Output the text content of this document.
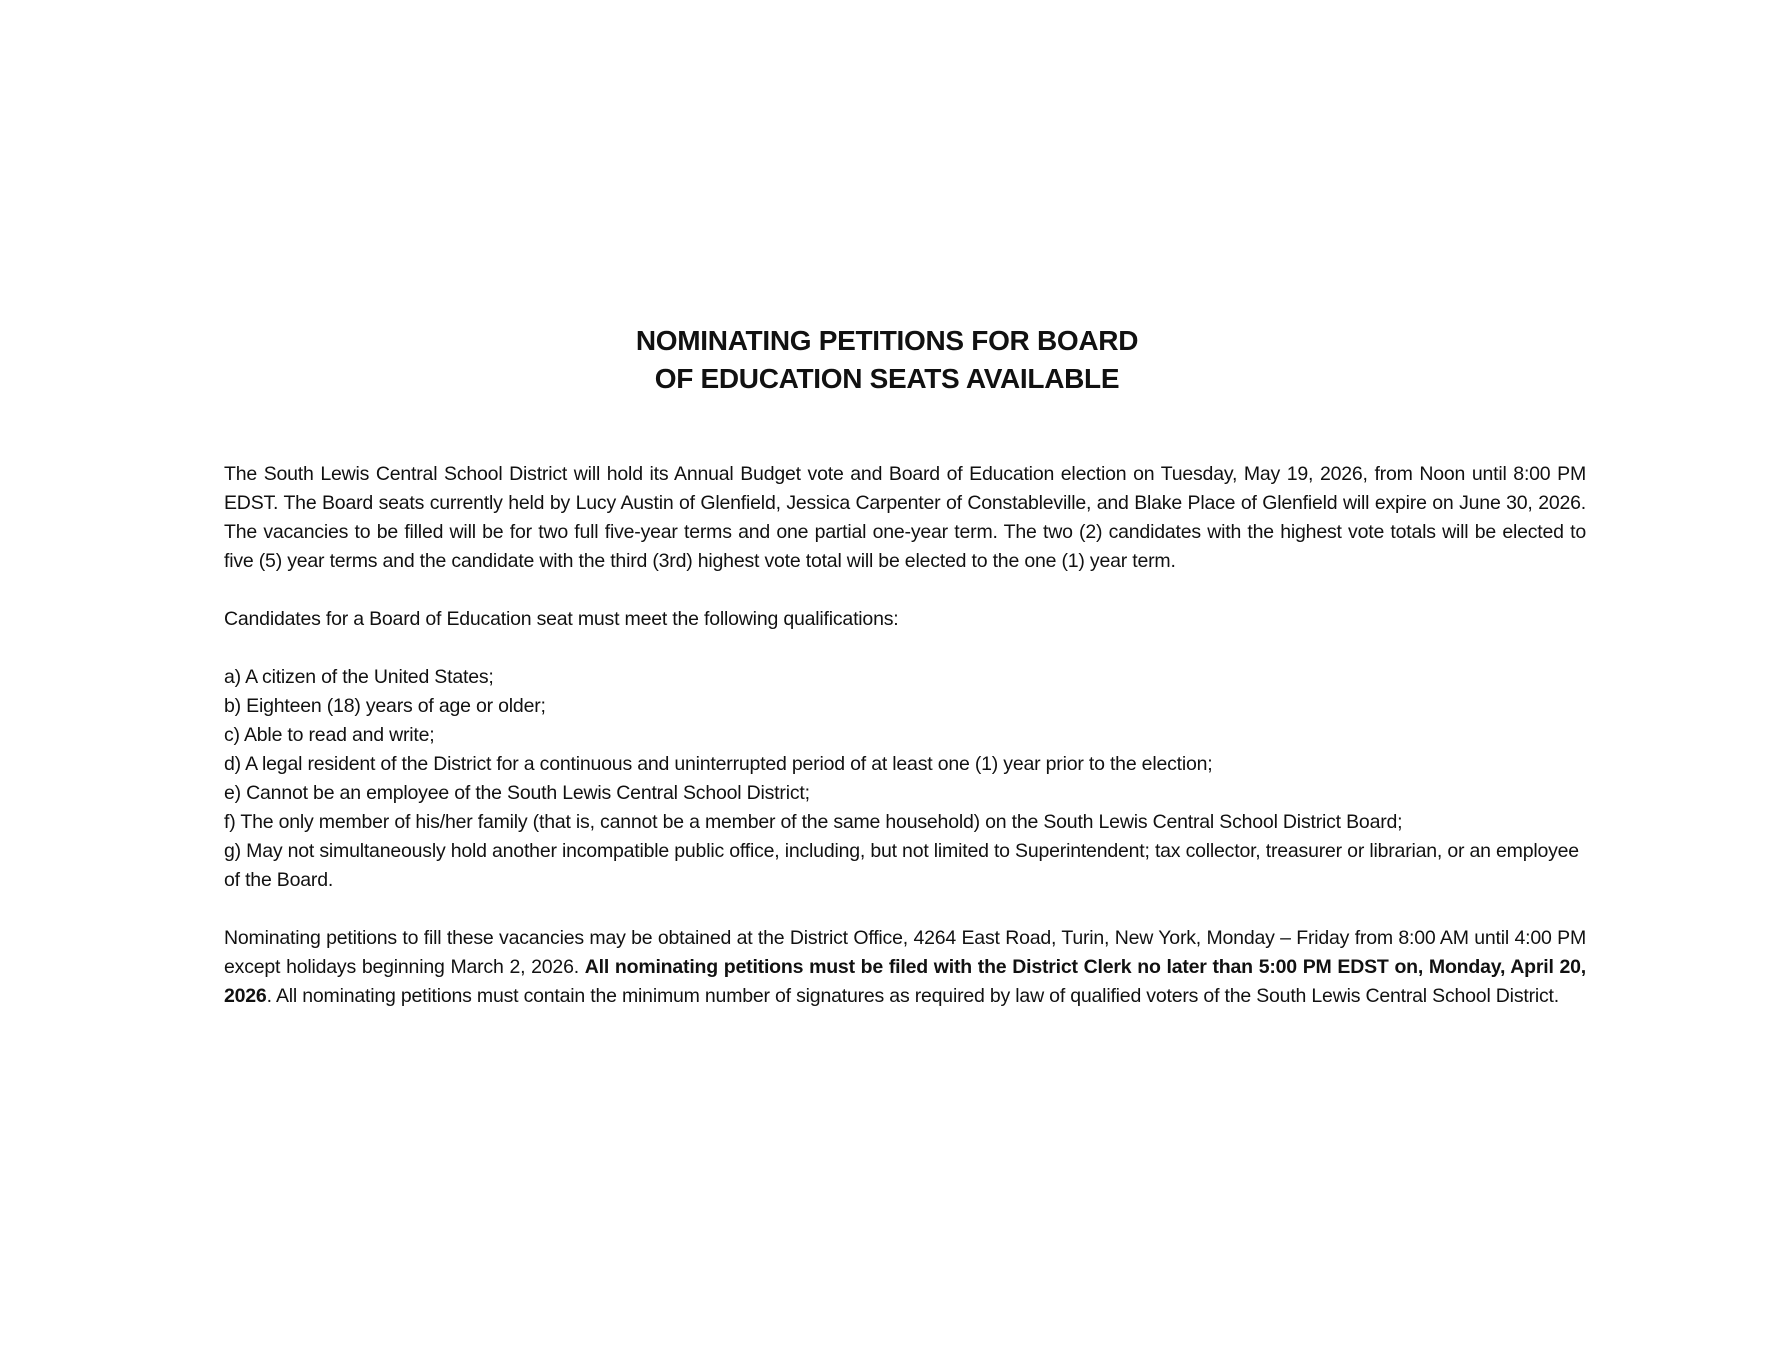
NOMINATING PETITIONS FOR BOARD
OF EDUCATION SEATS AVAILABLE

The South Lewis Central School District will hold its Annual Budget vote and Board of Education election on Tuesday, May 19, 2026, from Noon until 8:00 PM EDST. The Board seats currently held by Lucy Austin of Glenfield, Jessica Carpenter of Constableville, and Blake Place of Glenfield will expire on June 30, 2026. The vacancies to be filled will be for two full five-year terms and one partial one-year term. The two (2) candidates with the highest vote totals will be elected to five (5) year terms and the candidate with the third (3rd) highest vote total will be elected to the one (1) year term.

Candidates for a Board of Education seat must meet the following qualifications:

a) A citizen of the United States;
b) Eighteen (18) years of age or older;
c) Able to read and write;
d) A legal resident of the District for a continuous and uninterrupted period of at least one (1) year prior to the election;
e) Cannot be an employee of the South Lewis Central School District;
f) The only member of his/her family (that is, cannot be a member of the same household) on the South Lewis Central School District Board;
g) May not simultaneously hold another incompatible public office, including, but not limited to Superintendent; tax collector, treasurer or librarian, or an employee of the Board.

Nominating petitions to fill these vacancies may be obtained at the District Office, 4264 East Road, Turin, New York, Monday – Friday from 8:00 AM until 4:00 PM except holidays beginning March 2, 2026. All nominating petitions must be filed with the District Clerk no later than 5:00 PM EDST on, Monday, April 20, 2026. All nominating petitions must contain the minimum number of signatures as required by law of qualified voters of the South Lewis Central School District.
